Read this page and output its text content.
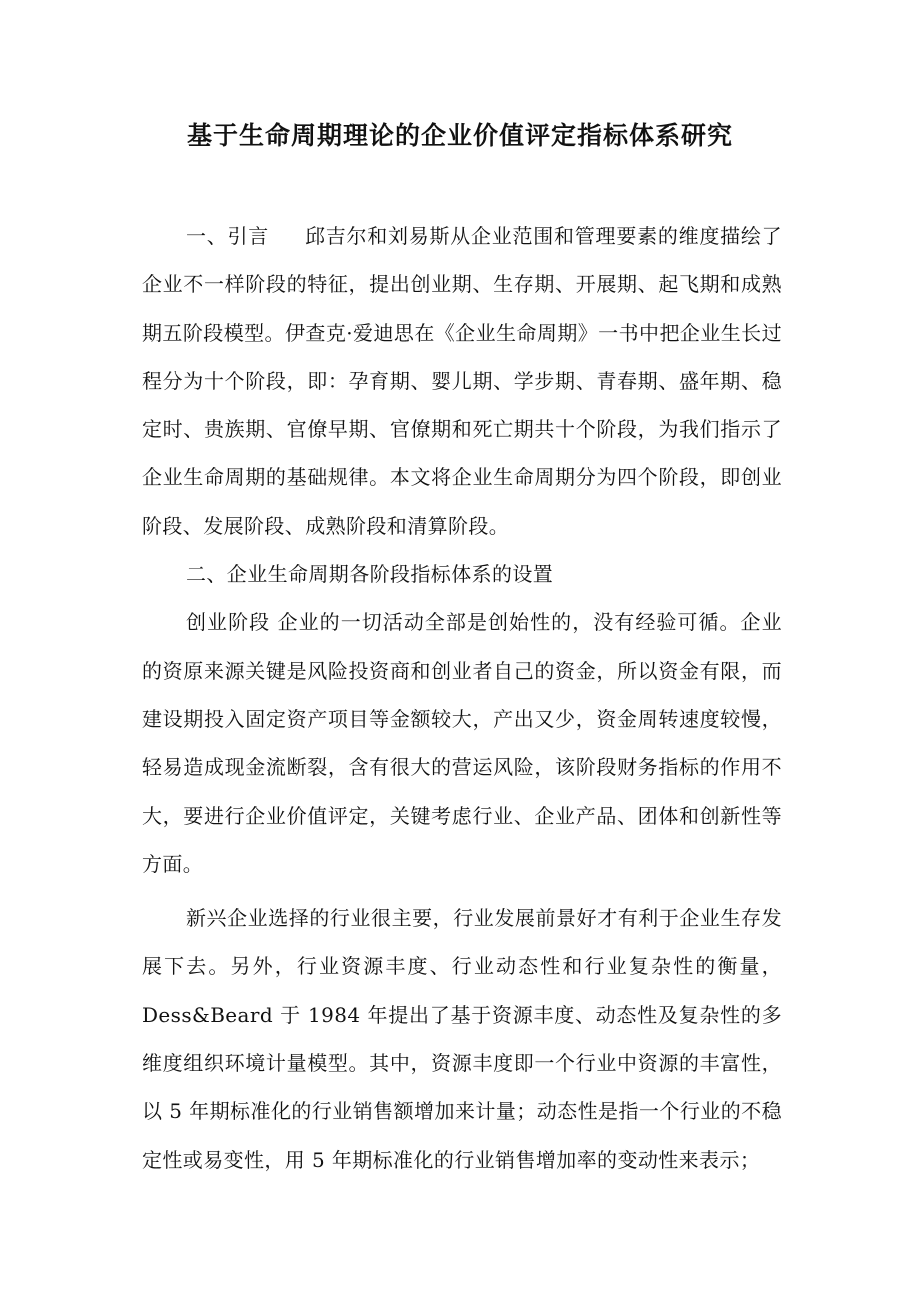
基于生命周期理论的企业价值评定指标体系研究

一、引言 邱吉尔和刘易斯从企业范围和管理要素的维度描绘了企业不一样阶段的特征，提出创业期、生存期、开展期、起飞期和成熟期五阶段模型。伊查克·爱迪思在《企业生命周期》一书中把企业生长过程分为十个阶段，即：孕育期、婴儿期、学步期、青春期、盛年期、稳定时、贵族期、官僚早期、官僚期和死亡期共十个阶段，为我们指示了企业生命周期的基础规律。本文将企业生命周期分为四个阶段，即创业阶段、发展阶段、成熟阶段和清算阶段。

二、企业生命周期各阶段指标体系的设置

创业阶段 企业的一切活动全部是创始性的，没有经验可循。企业的资原来源关键是风险投资商和创业者自己的资金，所以资金有限，而建设期投入固定资产项目等金额较大，产出又少，资金周转速度较慢，轻易造成现金流断裂，含有很大的营运风险，该阶段财务指标的作用不大，要进行企业价值评定，关键考虑行业、企业产品、团体和创新性等方面。

新兴企业选择的行业很主要，行业发展前景好才有利于企业生存发展下去。另外，行业资源丰度、行业动态性和行业复杂性的衡量，Dess&Beard 于 1984 年提出了基于资源丰度、动态性及复杂性的多维度组织环境计量模型。其中，资源丰度即一个行业中资源的丰富性，以 5 年期标准化的行业销售额增加来计量；动态性是指一个行业的不稳定性或易变性，用 5 年期标准化的行业销售增加率的变动性来表示；
